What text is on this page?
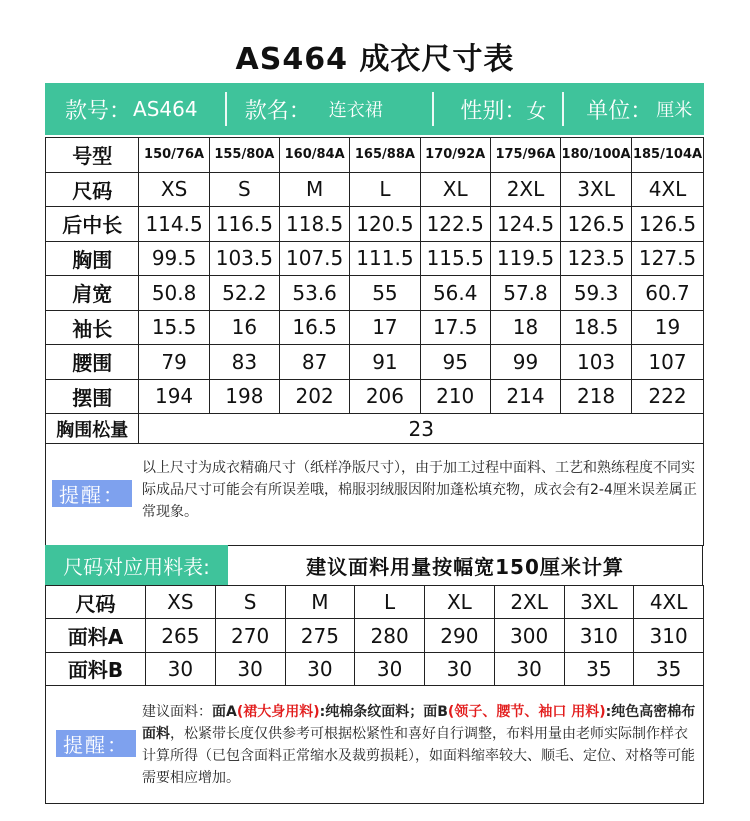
AS464 成衣尺寸表
款号： AS464 款名： 连衣裙	性别： 女 单位： 厘米
号型	150/76A	155/80A	160/84A	165/88A	170/92A	175/96A	180/100A	185/104A
尺码	XS	S	M	L	XL	2XL	3XL	4XL
后中长	114.5	116.5	118.5	120.5	122.5	124.5	126.5	126.5
胸围	99.5	103.5	107.5	111.5	115.5	119.5	123.5	127.5
肩宽	50.8	52.2	53.6	55	56.4	57.8	59.3	60.7
袖长	15.5	16	16.5	17	17.5	18	18.5	19
腰围	79	83	87	91	95	99	103	107
摆围	194	198	202	206	210	214	218	222
胸围松量	23							
提醒：
以上尺寸为成衣精确尺寸（纸样净版尺寸），由于加工过程中面料、工艺和熟练程度不同实际成品尺寸可能会有所误差哦，棉服羽绒服因附加蓬松填充物，成衣会有2-4厘米误差属正常现象。
尺码对应用料表:	建议面料用量按幅宽150厘米计算
尺码	XS	S	M	L	XL	2XL	3XL	4XL
面料A	265	270	275	280	290	300	310	310
面料B	30	30	30	30	30	30	35	35
提醒：
建议面料：面A(裙大身用料):纯棉条纹面料；面B(领子、腰节、袖口 用料):纯色高密棉布面料，松紧带长度仅供参考可根据松紧性和喜好自行调整，布料用量由老师实际制作样衣计算所得（已包含面料正常缩水及裁剪损耗），如面料缩率较大、顺毛、定位、对格等可能需要相应增加。
